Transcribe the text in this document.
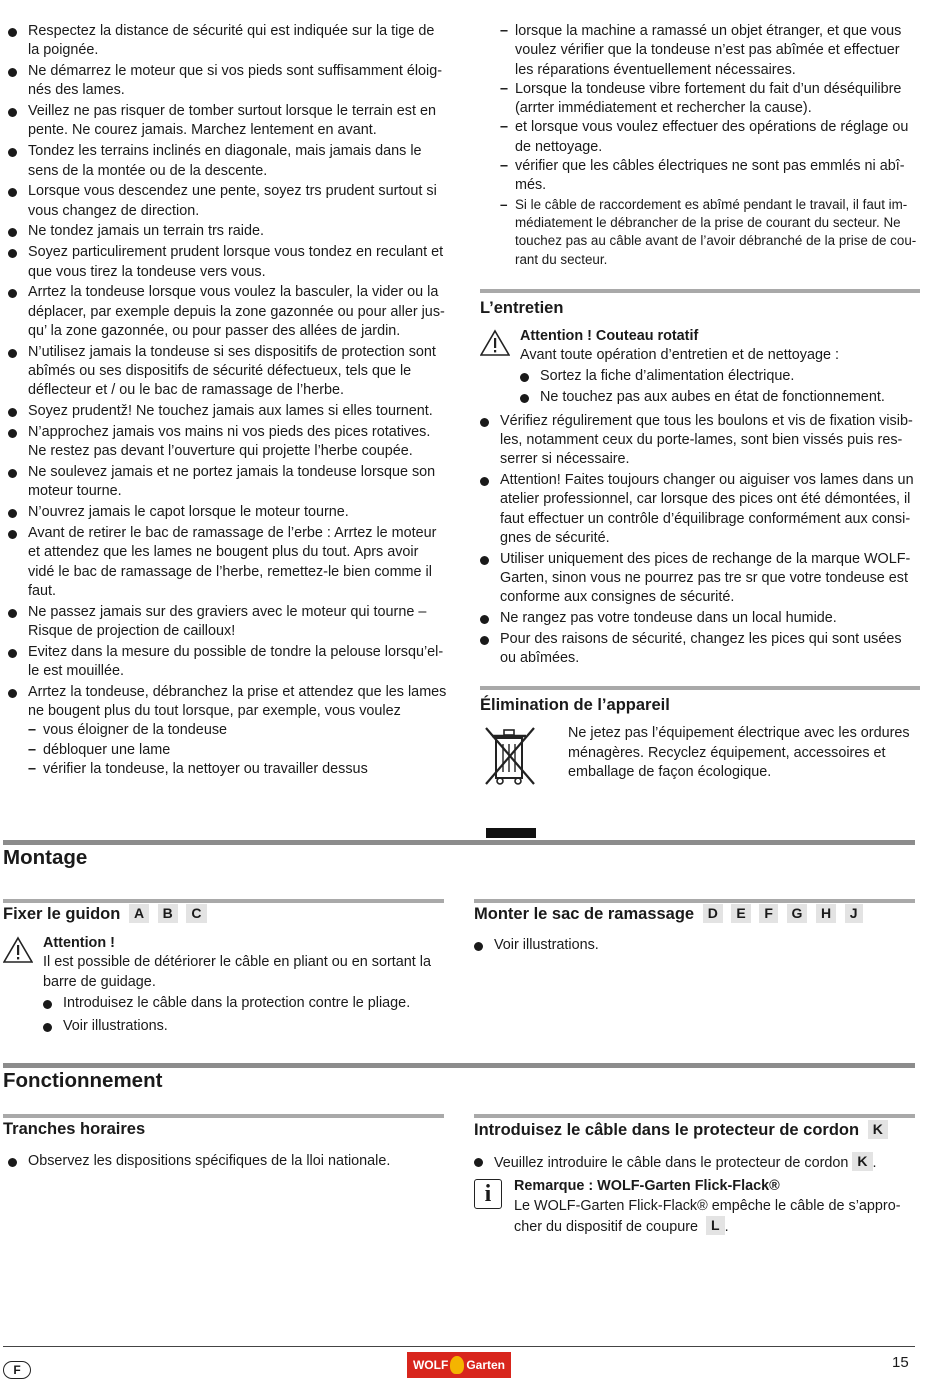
Respectez la distance de sécurité qui est indiquée sur la tige de la poignée.
Ne démarrez le moteur que si vos pieds sont suffisamment éloig-nés des lames.
Veillez ne pas risquer de tomber surtout lorsque le terrain est en pente. Ne courez jamais. Marchez lentement en avant.
Tondez les terrains inclinés en diagonale, mais jamais dans le sens de la montée ou de la descente.
Lorsque vous descendez une pente, soyez trs prudent surtout si vous changez de direction.
Ne tondez jamais un terrain trs raide.
Soyez particulirement prudent lorsque vous tondez en reculant et que vous tirez la tondeuse vers vous.
Arrtez la tondeuse lorsque vous voulez la basculer, la vider ou la déplacer, par exemple depuis la zone gazonnée ou pour aller jus-qu’ la zone gazonnée, ou pour passer des allées de jardin.
N’utilisez jamais la tondeuse si ses dispositifs de protection sont abîmés ou ses dispositifs de sécurité défectueux, tels que le déflecteur et / ou le bac de ramassage de l’herbe.
Soyez prudentž! Ne touchez jamais aux lames si elles tournent.
N’approchez jamais vos mains ni vos pieds des pices rotatives. Ne restez pas devant l’ouverture qui projette l’herbe coupée.
Ne soulevez jamais et ne portez jamais la tondeuse lorsque son moteur tourne.
N’ouvrez jamais le capot lorsque le moteur tourne.
Avant de retirer le bac de ramassage de l’erbe : Arrtez le moteur et attendez que les lames ne bougent plus du tout. Aprs avoir vidé le bac de ramassage de l’herbe, remettez-le bien comme il faut.
Ne passez jamais sur des graviers avec le moteur qui tourne – Risque de projection de cailloux!
Evitez dans la mesure du possible de tondre la pelouse lorsqu’el-le est mouillée.
Arrtez la tondeuse, débranchez la prise et attendez que les lames ne bougent plus du tout lorsque, par exemple, vous voulez
– vous éloigner de la tondeuse
– débloquer une lame
– vérifier la tondeuse, la nettoyer ou travailler dessus
– lorsque la machine a ramassé un objet étranger, et que vous voulez vérifier que la tondeuse n’est pas abîmée et effectuer les réparations éventuellement nécessaires.
– Lorsque la tondeuse vibre fortement du fait d’un déséquilibre (arrter immédiatement et rechercher la cause).
– et lorsque vous voulez effectuer des opérations de réglage ou de nettoyage.
– vérifier que les câbles électriques ne sont pas emmlés ni abî-més.
– Si le câble de raccordement es abîmé pendant le travail, il faut im-médiatement le débrancher de la prise de courant du secteur. Ne touchez pas au câble avant de l’avoir débranché de la prise de cou-rant du secteur.
L’entretien
Attention ! Couteau rotatif
Avant toute opération d’entretien et de nettoyage :
Sortez la fiche d’alimentation électrique.
Ne touchez pas aux aubes en état de fonctionnement.
Vérifiez régulirement que tous les boulons et vis de fixation visib-les, notamment ceux du porte-lames, sont bien vissés puis res-serrer si nécessaire.
Attention! Faites toujours changer ou aiguiser vos lames dans un atelier professionnel, car lorsque des pices ont été démontées, il faut effectuer un contrôle d’équilibrage conformément aux consi-gnes de sécurité.
Utiliser uniquement des pices de rechange de la marque WOLF-Garten, sinon vous ne pourrez pas tre sr que votre tondeuse est conforme aux consignes de sécurité.
Ne rangez pas votre tondeuse dans un local humide.
Pour des raisons de sécurité, changez les pices qui sont usées ou abîmées.
Élimination de l’appareil
Ne jetez pas l’équipement électrique avec les ordures ménagères. Recyclez équipement, accessoires et emballage de façon écologique.
Montage
Fixer le guidon A B C
Attention !
Il est possible de détériorer le câble en pliant ou en sortant la barre de guidage.
Introduisez le câble dans la protection contre le pliage.
Voir illustrations.
Monter le sac de ramassage D E F G H J
Voir illustrations.
Fonctionnement
Tranches horaires
Observez les dispositions spécifiques de la lloi nationale.
Introduisez le câble dans le protecteur de cordon K
Veuillez introduire le câble dans le protecteur de cordon K .
i	Remarque : WOLF-Garten Flick-Flack®
Le WOLF-Garten Flick-Flack® empêche le câble de s’appro-cher du dispositif de coupure L .
F	WOLF Garten	15
